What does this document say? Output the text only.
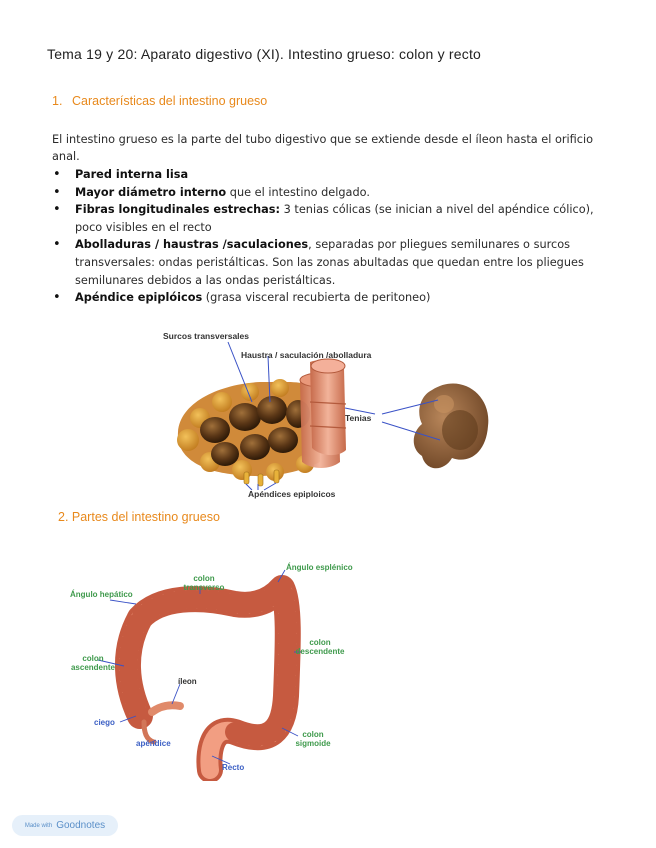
Tema 19 y 20: Aparato digestivo (XI). Intestino grueso: colon y recto
1. Características del intestino grueso
El intestino grueso es la parte del tubo digestivo que se extiende desde el íleon hasta el orificio anal.
• Pared interna lisa
• Mayor diámetro interno que el intestino delgado.
• Fibras longitudinales estrechas: 3 tenias cólicas (se inician a nivel del apéndice cólico), poco visibles en el recto
• Abolladuras / haustras /saculaciones, separadas por pliegues semilunares o surcos transversales: ondas peristálticas. Son las zonas abultadas que quedan entre los pliegues semilunares debidos a las ondas peristálticas.
• Apéndice epiplóicos (grasa visceral recubierta de peritoneo)
Surcos transversales
Haustra / saculación /abolladura
Tenias
Apéndices epiploicos
2. Partes del intestino grueso
Ángulo esplénico
colon
transverso
Ángulo hepático
colon
descendente
colon
ascendente
íleon
ciego
apéndice
colon
sigmoide
Recto
Made with Goodnotes
